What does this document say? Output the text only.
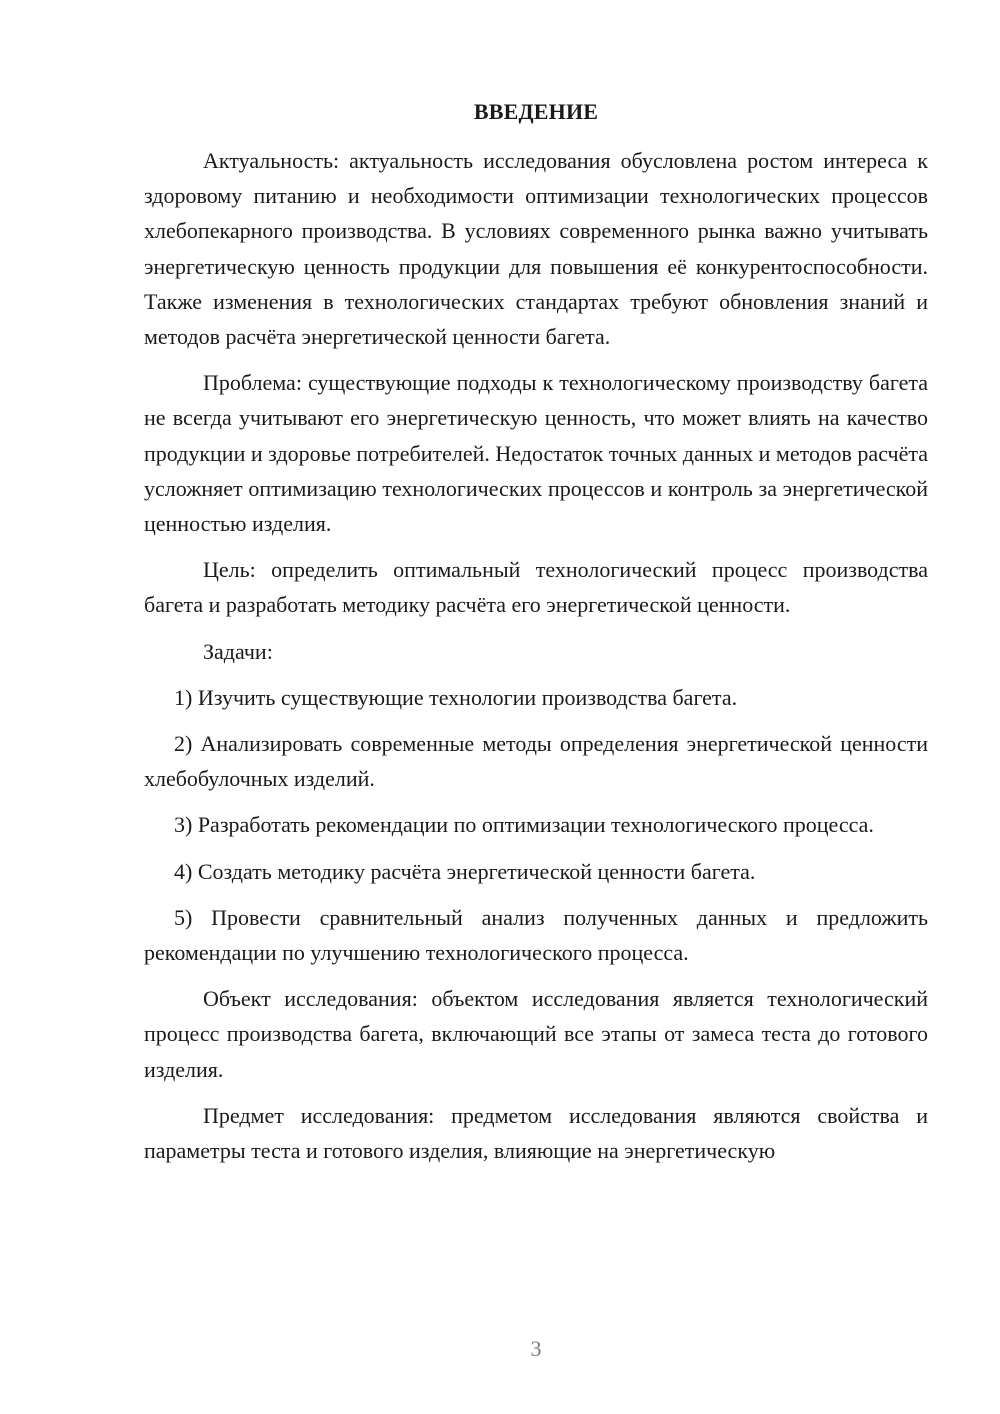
ВВЕДЕНИЕ

Актуальность: актуальность исследования обусловлена ростом интереса к здоровому питанию и необходимости оптимизации технологических процессов хлебопекарного производства. В условиях современного рынка важно учитывать энергетическую ценность продукции для повышения её конкурентоспособности. Также изменения в технологических стандартах требуют обновления знаний и методов расчёта энергетической ценности багета.

Проблема: существующие подходы к технологическому производству багета не всегда учитывают его энергетическую ценность, что может влиять на качество продукции и здоровье потребителей. Недостаток точных данных и методов расчёта усложняет оптимизацию технологических процессов и контроль за энергетической ценностью изделия.

Цель: определить оптимальный технологический процесс производства багета и разработать методику расчёта его энергетической ценности.

Задачи:

1) Изучить существующие технологии производства багета.

2) Анализировать современные методы определения энергетической ценности хлебобулочных изделий.

3) Разработать рекомендации по оптимизации технологического процесса.

4) Создать методику расчёта энергетической ценности багета.

5) Провести сравнительный анализ полученных данных и предложить рекомендации по улучшению технологического процесса.

Объект исследования: объектом исследования является технологический процесс производства багета, включающий все этапы от замеса теста до готового изделия.

Предмет исследования: предметом исследования являются свойства и параметры теста и готового изделия, влияющие на энергетическую

3
